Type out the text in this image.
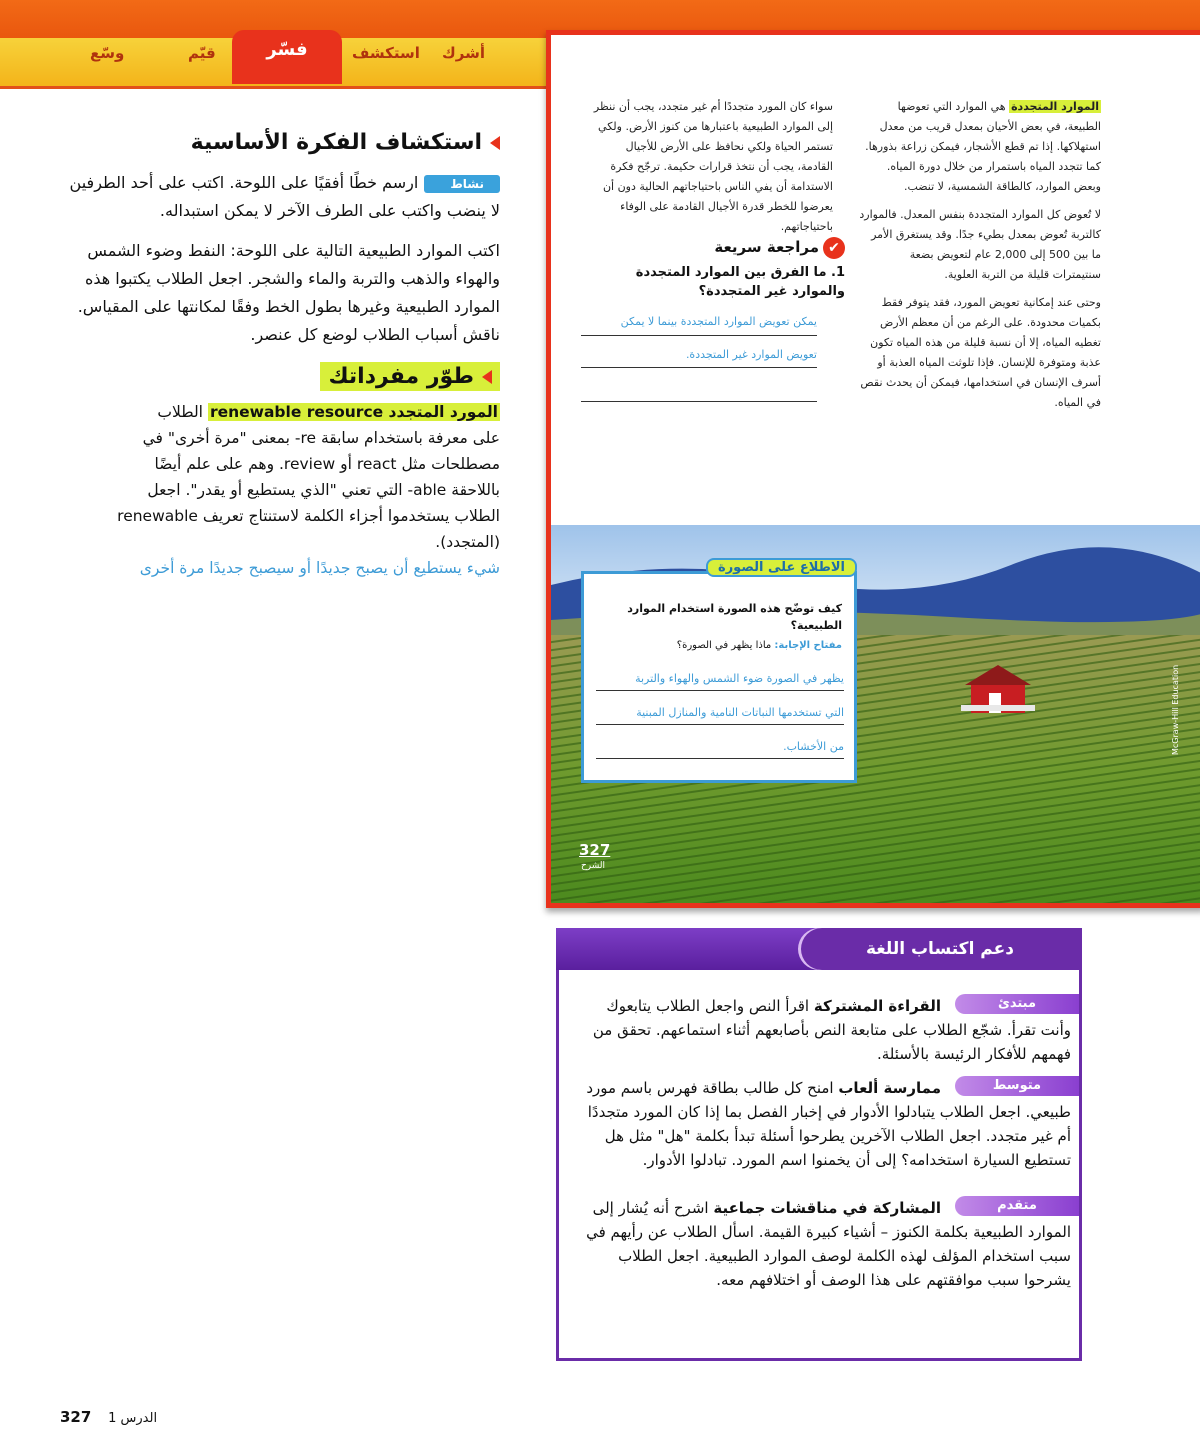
أشرك
استكشف
فسّر
قيّم
وسّع
استكشاف الفكرة الأساسية
نشاطارسم خطًا أفقيًا على اللوحة. اكتب على أحد الطرفين لا ينضب واكتب على الطرف الآخر لا يمكن استبداله.
اكتب الموارد الطبيعية التالية على اللوحة: النفط وضوء الشمس والهواء والذهب والتربة والماء والشجر. اجعل الطلاب يكتبوا هذه الموارد الطبيعية وغيرها بطول الخط وفقًا لمكانتها على المقياس. ناقش أسباب الطلاب لوضع كل عنصر.
طوّر مفرداتك
المورد المتجدد renewable resource الطلاب
على معرفة باستخدام سابقة re- بمعنى "مرة أخرى" في
مصطلحات مثل react أو review. وهم على علم أيضًا
باللاحقة able- التي تعني "الذي يستطيع أو يقدر". اجعل
الطلاب يستخدموا أجزاء الكلمة لاستنتاج تعريف renewable
(المتجدد).
شيء يستطيع أن يصبح جديدًا أو سيصبح جديدًا مرة أخرى
الموارد المتجددة هي الموارد التي تعوضها الطبيعة، في بعض الأحيان بمعدل قريب من معدل استهلاكها. إذا تم قطع الأشجار، فيمكن زراعة بذورها. كما تتجدد المياه باستمرار من خلال دورة المياه. وبعض الموارد، كالطاقة الشمسية، لا تنضب.
لا تُعوض كل الموارد المتجددة بنفس المعدل. فالموارد كالتربة تُعوض بمعدل بطيء جدًا. وقد يستغرق الأمر ما بين 500 إلى 2,000 عام لتعويض بضعة سنتيمترات قليلة من التربة العلوية.
وحتى عند إمكانية تعويض المورد، فقد يتوفر فقط بكميات محدودة. على الرغم من أن معظم الأرض تغطيه المياه، إلا أن نسبة قليلة من هذه المياه تكون عذبة ومتوفرة للإنسان. فإذا تلوثت المياه العذبة أو أسرف الإنسان في استخدامها، فيمكن أن يحدث نقص في المياه.
سواء كان المورد متجددًا أم غير متجدد، يجب أن ننظر إلى الموارد الطبيعية باعتبارها من كنوز الأرض. ولكي تستمر الحياة ولكي نحافظ على الأرض للأجيال القادمة، يجب أن نتخذ قرارات حكيمة. ترجّح فكرة الاستدامة أن يفي الناس باحتياجاتهم الحالية دون أن يعرضوا للخطر قدرة الأجيال القادمة على الوفاء باحتياجاتهم.
✔مراجعة سريعة
1. ما الفرق بين الموارد المتجددة والموارد غير المتجددة؟
يمكن تعويض الموارد المتجددة بينما لا يمكن
تعويض الموارد غير المتجددة.
الاطلاع على الصورة
كيف توضّح هذه الصورة استخدام الموارد الطبيعية؟
مفتاح الإجابة: ماذا يظهر في الصورة؟
يظهر في الصورة ضوء الشمس والهواء والتربة
التي تستخدمها النباتات النامية والمنازل المبنية
من الأخشاب.
327
الشرح
McGraw-Hill Education
دعم اكتساب اللغة
مبتدئ
القراءة المشتركة اقرأ النص واجعل الطلاب يتابعوك وأنت تقرأ. شجّع الطلاب على متابعة النص بأصابعهم أثناء استماعهم. تحقق من فهمهم للأفكار الرئيسة بالأسئلة.
متوسط
ممارسة ألعاب امنح كل طالب بطاقة فهرس باسم مورد طبيعي. اجعل الطلاب يتبادلوا الأدوار في إخبار الفصل بما إذا كان المورد متجددًا أم غير متجدد. اجعل الطلاب الآخرين يطرحوا أسئلة تبدأ بكلمة "هل" مثل هل تستطيع السيارة استخدامه؟ إلى أن يخمنوا اسم المورد. تبادلوا الأدوار.
متقدم
المشاركة في مناقشات جماعية اشرح أنه يُشار إلى الموارد الطبيعية بكلمة الكنوز – أشياء كبيرة القيمة. اسأل الطلاب عن رأيهم في سبب استخدام المؤلف لهذه الكلمة لوصف الموارد الطبيعية. اجعل الطلاب يشرحوا سبب موافقتهم على هذا الوصف أو اختلافهم معه.
327 الدرس 1
